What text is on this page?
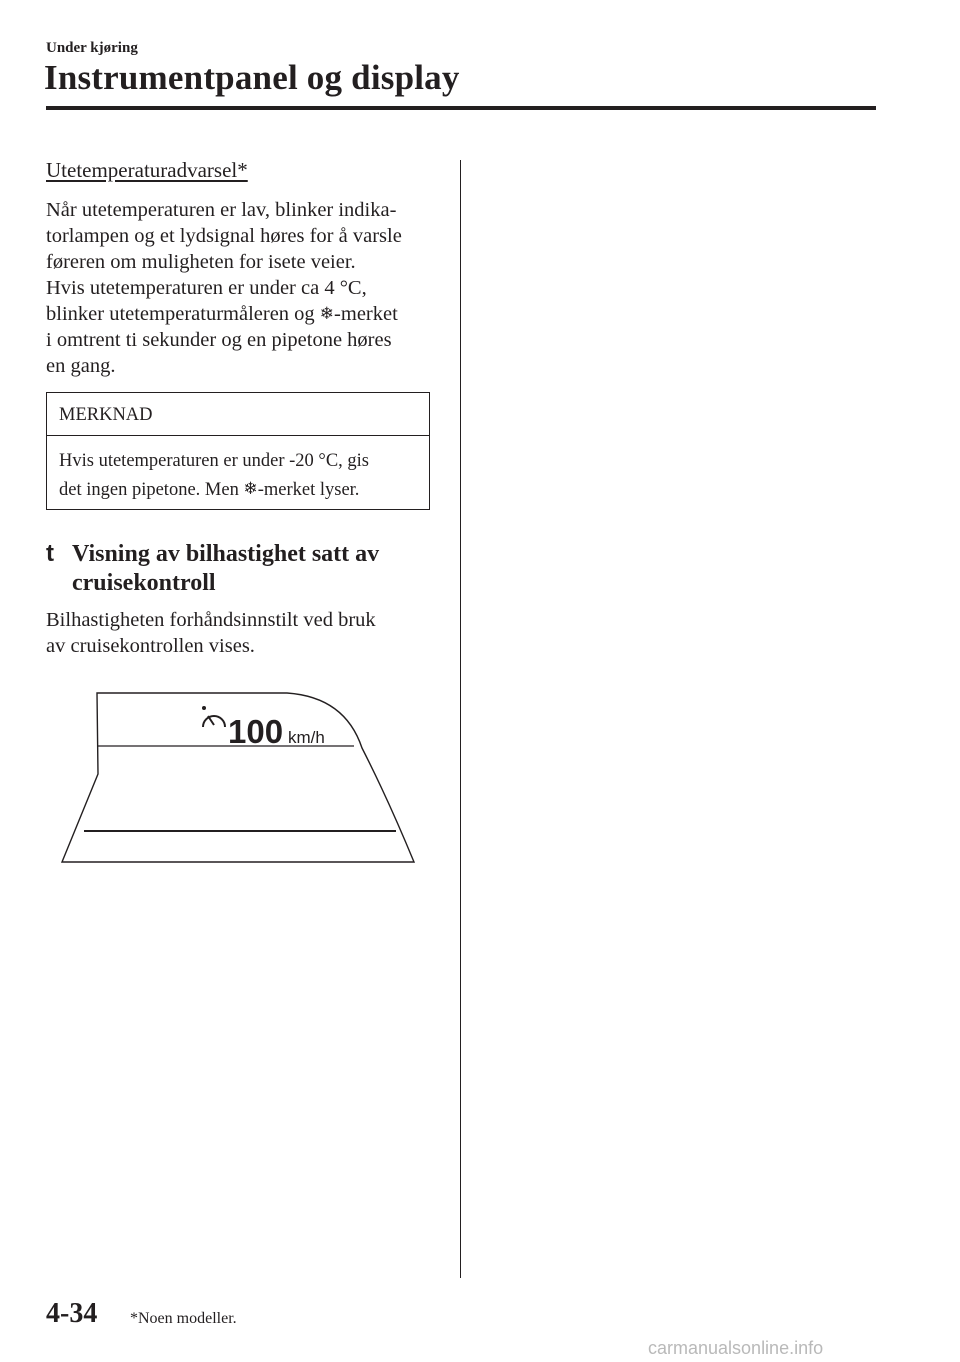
Under kjøring
Instrumentpanel og display
Utetemperaturadvarsel*
Når utetemperaturen er lav, blinker indika-
torlampen og et lydsignal høres for å varsle
føreren om muligheten for isete veier.
Hvis utetemperaturen er under ca 4 °C,
blinker utetemperaturmåleren og ❄-merket
i omtrent ti sekunder og en pipetone høres
en gang.
MERKNAD
Hvis utetemperaturen er under -20 °C, gis
det ingen pipetone. Men ❄-merket lyser.
t Visning av bilhastighet satt av
cruisekontroll
Bilhastigheten forhåndsinnstilt ved bruk
av cruisekontrollen vises.
100 km/h
4-34 *Noen modeller.
carmanualsonline.info
